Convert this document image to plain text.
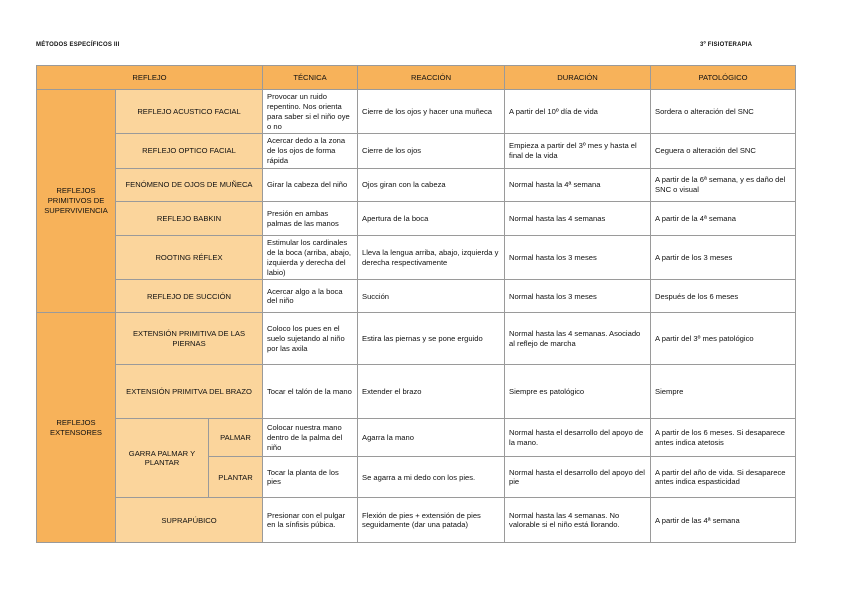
MÉTODOS ESPECÍFICOS III	3º FISIOTERAPIA
REFLEJO			TÉCNICA	REACCIÓN	DURACIÓN	PATOLÓGICO
REFLEJOS PRIMITIVOS DE SUPERVIVIENCIA	REFLEJO ACUSTICO FACIAL		Provocar un ruido repentino. Nos orienta para saber si el niño oye o no	Cierre de los ojos y hacer una muñeca	A partir del 10º día de vida	Sordera o alteración del SNC
	REFLEJO OPTICO FACIAL		Acercar dedo a la zona de los ojos de forma rápida	Cierre de los ojos	Empieza a partir del 3º mes y hasta el final de la vida	Ceguera o alteración del SNC
	FENÓMENO DE OJOS DE MUÑECA		Girar la cabeza del niño	Ojos giran con la cabeza	Normal hasta la 4ª semana	A partir de la 6ª semana, y es daño del SNC o visual
	REFLEJO BABKIN		Presión en ambas palmas de las manos	Apertura de la boca	Normal hasta las 4 semanas	A partir de la 4ª semana
	ROOTING RÉFLEX		Estimular los cardinales de la boca (arriba, abajo, izquierda y derecha del labio)	Lleva la lengua arriba, abajo, izquierda y derecha respectivamente	Normal hasta los 3 meses	A partir de los 3 meses
	REFLEJO DE SUCCIÓN		Acercar algo a la boca del niño	Succión	Normal hasta los 3 meses	Después de los 6 meses
REFLEJOS EXTENSORES	EXTENSIÓN PRIMITIVA DE LAS PIERNAS		Coloco los pues en el suelo sujetando al niño por las axila	Estira las piernas y se pone erguido	Normal hasta las 4 semanas. Asociado al reflejo de marcha	A partir del 3º mes patológico
	EXTENSIÓN PRIMITVA DEL BRAZO		Tocar el talón de la mano	Extender el brazo	Siempre es patológico	Siempre
	GARRA PALMAR Y PLANTAR	PALMAR	Colocar nuestra mano dentro de la palma del niño	Agarra la mano	Normal hasta el desarrollo del apoyo de la mano.	A partir de los 6 meses. Si desaparece antes indica atetosis
		PLANTAR	Tocar la planta de los pies	Se agarra a mi dedo con los pies.	Normal hasta el desarrollo del apoyo del pie	A partir del año de vida. Si desaparece antes indica espasticidad
	SUPRAPÚBICO		Presionar con el pulgar en la sínfisis púbica.	Flexión de pies + extensión de pies seguidamente (dar una patada)	Normal hasta las 4 semanas. No valorable si el niño está llorando.	A partir de las 4ª semana
